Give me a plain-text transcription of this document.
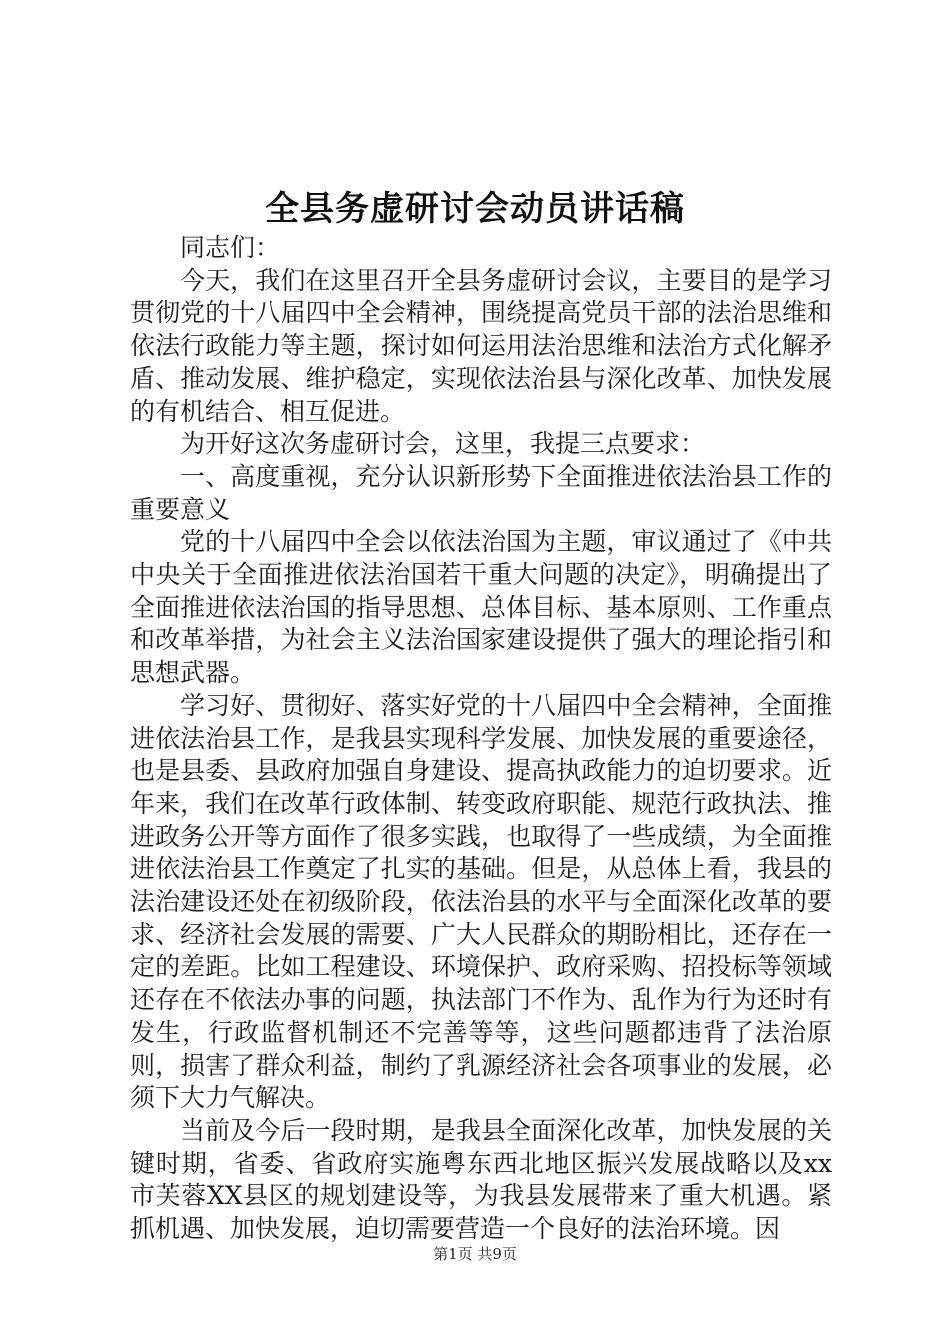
全县务虚研讨会动员讲话稿

同志们：

今天，我们在这里召开全县务虚研讨会议，主要目的是学习贯彻党的十八届四中全会精神，围绕提高党员干部的法治思维和依法行政能力等主题，探讨如何运用法治思维和法治方式化解矛盾、推动发展、维护稳定，实现依法治县与深化改革、加快发展的有机结合、相互促进。

为开好这次务虚研讨会，这里，我提三点要求：

一、高度重视，充分认识新形势下全面推进依法治县工作的重要意义

党的十八届四中全会以依法治国为主题，审议通过了《中共中央关于全面推进依法治国若干重大问题的决定》，明确提出了全面推进依法治国的指导思想、总体目标、基本原则、工作重点和改革举措，为社会主义法治国家建设提供了强大的理论指引和思想武器。

学习好、贯彻好、落实好党的十八届四中全会精神，全面推进依法治县工作，是我县实现科学发展、加快发展的重要途径，也是县委、县政府加强自身建设、提高执政能力的迫切要求。近年来，我们在改革行政体制、转变政府职能、规范行政执法、推进政务公开等方面作了很多实践，也取得了一些成绩，为全面推进依法治县工作奠定了扎实的基础。但是，从总体上看，我县的法治建设还处在初级阶段，依法治县的水平与全面深化改革的要求、经济社会发展的需要、广大人民群众的期盼相比，还存在一定的差距。比如工程建设、环境保护、政府采购、招投标等领域还存在不依法办事的问题，执法部门不作为、乱作为行为还时有发生，行政监督机制还不完善等等，这些问题都违背了法治原则，损害了群众利益，制约了乳源经济社会各项事业的发展，必须下大力气解决。

当前及今后一段时期，是我县全面深化改革，加快发展的关键时期，省委、省政府实施粤东西北地区振兴发展战略以及xx市芙蓉XX县区的规划建设等，为我县发展带来了重大机遇。紧抓机遇、加快发展，迫切需要营造一个良好的法治环境。因

第1页 共9页
